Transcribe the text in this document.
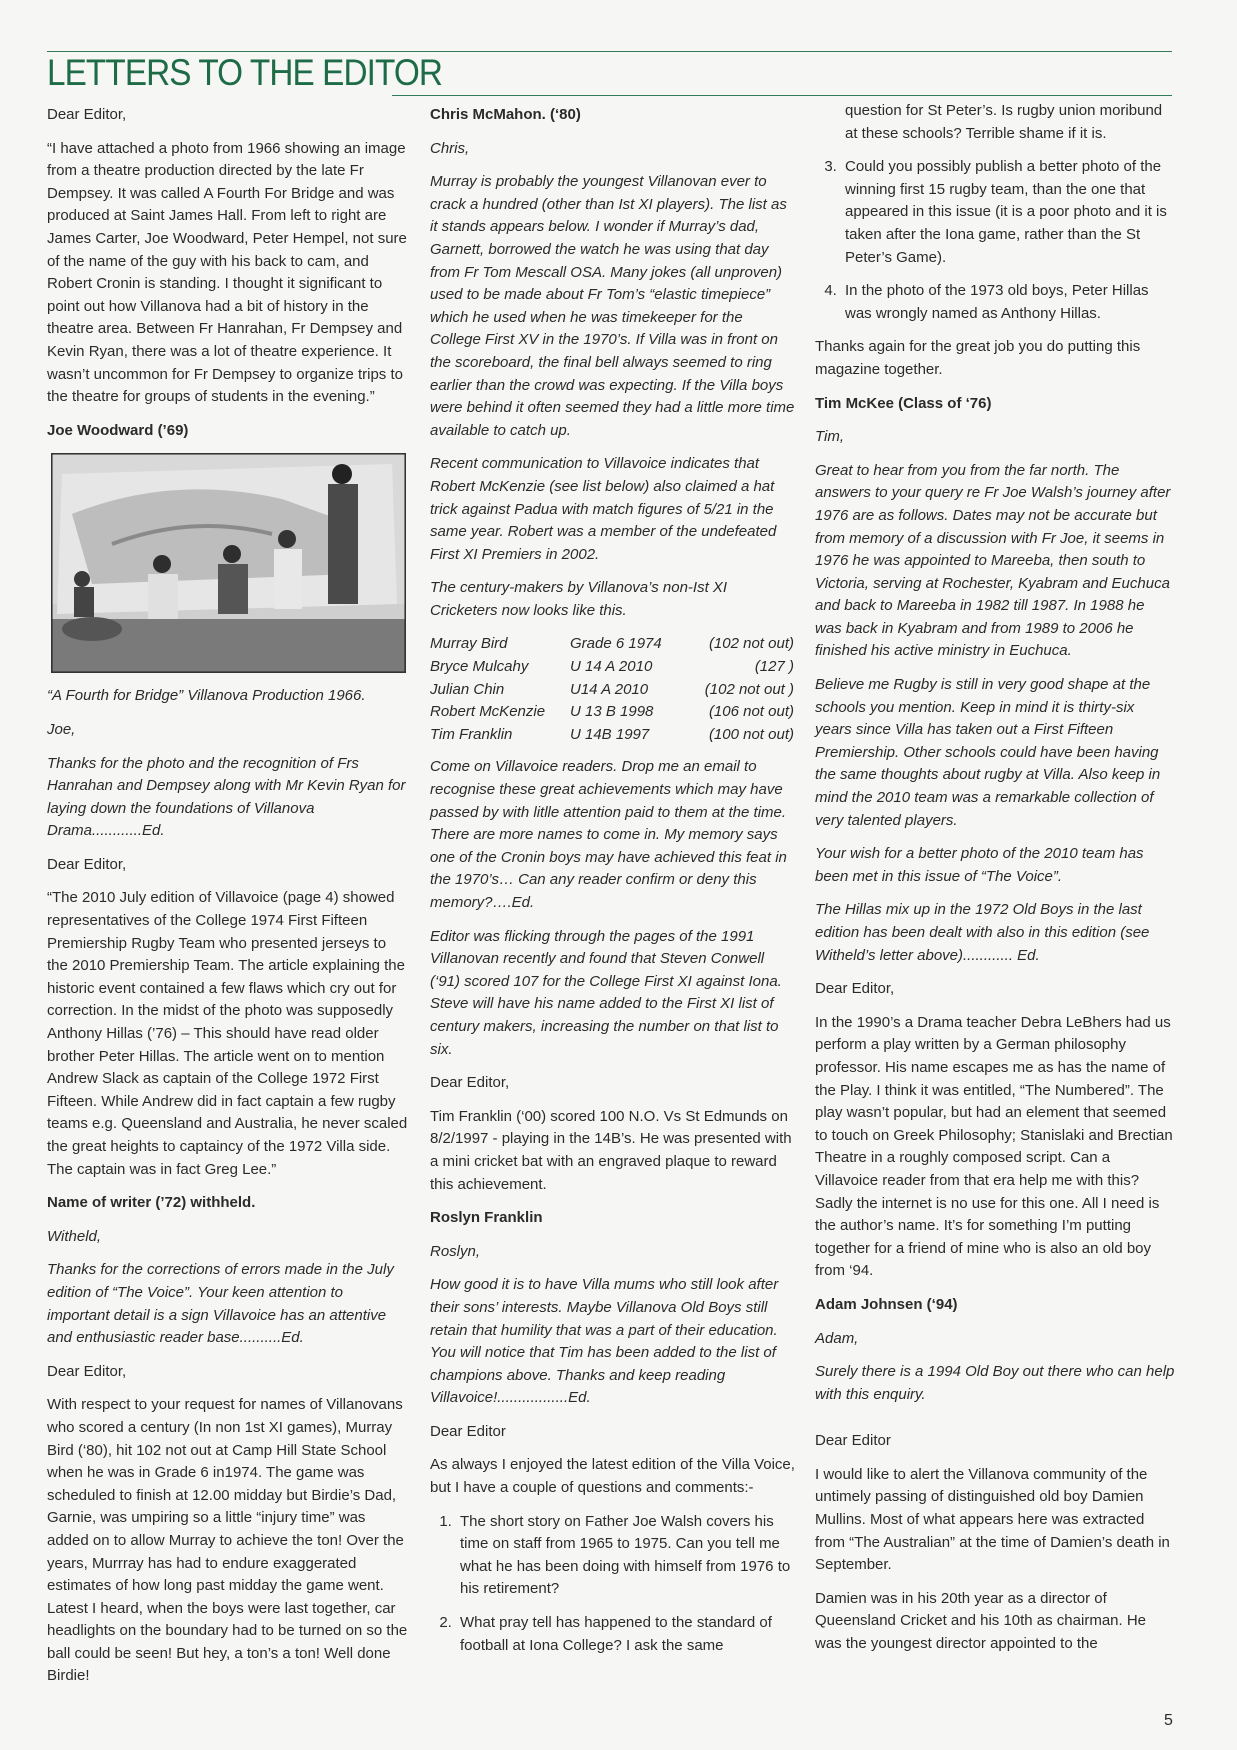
LETTERS TO THE EDITOR

Dear Editor,

“I have attached a photo from 1966 showing an image from a theatre production directed by the late Fr Dempsey. It was called A Fourth For Bridge and was produced at Saint James Hall. From left to right are James Carter, Joe Woodward, Peter Hempel, not sure of the name of the guy with his back to cam, and Robert Cronin is standing. I thought it significant to point out how Villanova had a bit of history in the theatre area. Between Fr Hanrahan, Fr Dempsey and Kevin Ryan, there was a lot of theatre experience. It wasn’t uncommon for Fr Dempsey to organize trips to the theatre for groups of students in the evening.”

Joe Woodward (’69)

“A Fourth for Bridge” Villanova Production 1966.

Joe,

Thanks for the photo and the recognition of Frs Hanrahan and Dempsey along with Mr Kevin Ryan for laying down the foundations of Villanova Drama............Ed.

Dear Editor,

“The 2010 July edition of Villavoice (page 4) showed representatives of the College 1974 First Fifteen Premiership Rugby Team who presented jerseys to the 2010 Premiership Team. The article explaining the historic event contained a few flaws which cry out for correction. In the midst of the photo was supposedly Anthony Hillas (’76) – This should have read older brother Peter Hillas. The article went on to mention Andrew Slack as captain of the College 1972 First Fifteen. While Andrew did in fact captain a few rugby teams e.g. Queensland and Australia, he never scaled the great heights to captaincy of the 1972 Villa side. The captain was in fact Greg Lee.”

Name of writer (’72) withheld.

Witheld,

Thanks for the corrections of errors made in the July edition of “The Voice”. Your keen attention to important detail is a sign Villavoice has an attentive and enthusiastic reader base..........Ed.

Dear Editor,

With respect to your request for names of Villanovans who scored a century (In non 1st XI games), Murray Bird (‘80), hit 102 not out at Camp Hill State School when he was in Grade 6 in1974. The game was scheduled to finish at 12.00 midday but Birdie’s Dad, Garnie, was umpiring so a little “injury time” was added on to allow Murray to achieve the ton! Over the years, Murrray has had to endure exaggerated estimates of how long past midday the game went. Latest I heard, when the boys were last together, car headlights on the boundary had to be turned on so the ball could be seen! But hey, a ton’s a ton! Well done Birdie!

Chris McMahon. (‘80)

Chris,

Murray is probably the youngest Villanovan ever to crack a hundred (other than Ist XI players). The list as it stands appears below. I wonder if Murray’s dad, Garnett, borrowed the watch he was using that day from Fr Tom Mescall OSA. Many jokes (all unproven) used to be made about Fr Tom’s “elastic timepiece” which he used when he was timekeeper for the College First XV in the 1970’s. If Villa was in front on the scoreboard, the final bell always seemed to ring earlier than the crowd was expecting. If the Villa boys were behind it often seemed they had a little more time available to catch up.

Recent communication to Villavoice indicates that Robert McKenzie (see list below) also claimed a hat trick against Padua with match figures of 5/21 in the same year. Robert was a member of the undefeated First XI Premiers in 2002.

The century-makers by Villanova’s non-Ist XI Cricketers now looks like this.

Murray Bird	Grade 6 1974	(102 not out)
Bryce Mulcahy	U 14 A 2010	(127 )
Julian Chin	U14 A 2010	(102 not out )
Robert McKenzie	U 13 B 1998	(106 not out)
Tim Franklin	U 14B 1997	(100 not out)

Come on Villavoice readers. Drop me an email to recognise these great achievements which may have passed by with litlle attention paid to them at the time. There are more names to come in. My memory says one of the Cronin boys may have achieved this feat in the 1970’s… Can any reader confirm or deny this memory?….Ed.

Editor was flicking through the pages of the 1991 Villanovan recently and found that Steven Conwell (‘91) scored 107 for the College First XI against Iona. Steve will have his name added to the First XI list of century makers, increasing the number on that list to six.

Dear Editor,

Tim Franklin (‘00) scored 100 N.O. Vs St Edmunds on 8/2/1997 - playing in the 14B’s. He was presented with a mini cricket bat with an engraved plaque to reward this achievement.

Roslyn Franklin

Roslyn,

How good it is to have Villa mums who still look after their sons’ interests. Maybe Villanova Old Boys still retain that humility that was a part of their education. You will notice that Tim has been added to the list of champions above. Thanks and keep reading Villavoice!.................Ed.

Dear Editor

As always I enjoyed the latest edition of the Villa Voice, but I have a couple of questions and comments:-

1. The short story on Father Joe Walsh covers his time on staff from 1965 to 1975. Can you tell me what he has been doing with himself from 1976 to his retirement?
2. What pray tell has happened to the standard of football at Iona College? I ask the same

question for St Peter’s. Is rugby union moribund at these schools? Terrible shame if it is.

3. Could you possibly publish a better photo of the winning first 15 rugby team, than the one that appeared in this issue (it is a poor photo and it is taken after the Iona game, rather than the St Peter’s Game).
4. In the photo of the 1973 old boys, Peter Hillas was wrongly named as Anthony Hillas.

Thanks again for the great job you do putting this magazine together.

Tim McKee (Class of ‘76)

Tim,

Great to hear from you from the far north. The answers to your query re Fr Joe Walsh’s journey after 1976 are as follows. Dates may not be accurate but from memory of a discussion with Fr Joe, it seems in 1976 he was appointed to Mareeba, then south to Victoria, serving at Rochester, Kyabram and Euchuca and back to Mareeba in 1982 till 1987. In 1988 he was back in Kyabram and from 1989 to 2006 he finished his active ministry in Euchuca.

Believe me Rugby is still in very good shape at the schools you mention. Keep in mind it is thirty-six years since Villa has taken out a First Fifteen Premiership. Other schools could have been having the same thoughts about rugby at Villa. Also keep in mind the 2010 team was a remarkable collection of very talented players.

Your wish for a better photo of the 2010 team has been met in this issue of “The Voice”.

The Hillas mix up in the 1972 Old Boys in the last edition has been dealt with also in this edition (see Witheld’s letter above)............ Ed.

Dear Editor,

In the 1990’s a Drama teacher Debra LeBhers had us perform a play written by a German philosophy professor. His name escapes me as has the name of the Play. I think it was entitled, “The Numbered”. The play wasn’t popular, but had an element that seemed to touch on Greek Philosophy; Stanislaki and Brectian Theatre in a roughly composed script. Can a Villavoice reader from that era help me with this? Sadly the internet is no use for this one. All I need is the author’s name. It’s for something I’m putting together for a friend of mine who is also an old boy from ‘94.

Adam Johnsen (‘94)

Adam,

Surely there is a 1994 Old Boy out there who can help with this enquiry.

Dear Editor

I would like to alert the Villanova community of the untimely passing of distinguished old boy Damien Mullins. Most of what appears here was extracted from “The Australian” at the time of Damien’s death in September.

Damien was in his 20th year as a director of Queensland Cricket and his 10th as chairman. He was the youngest director appointed to the

5
